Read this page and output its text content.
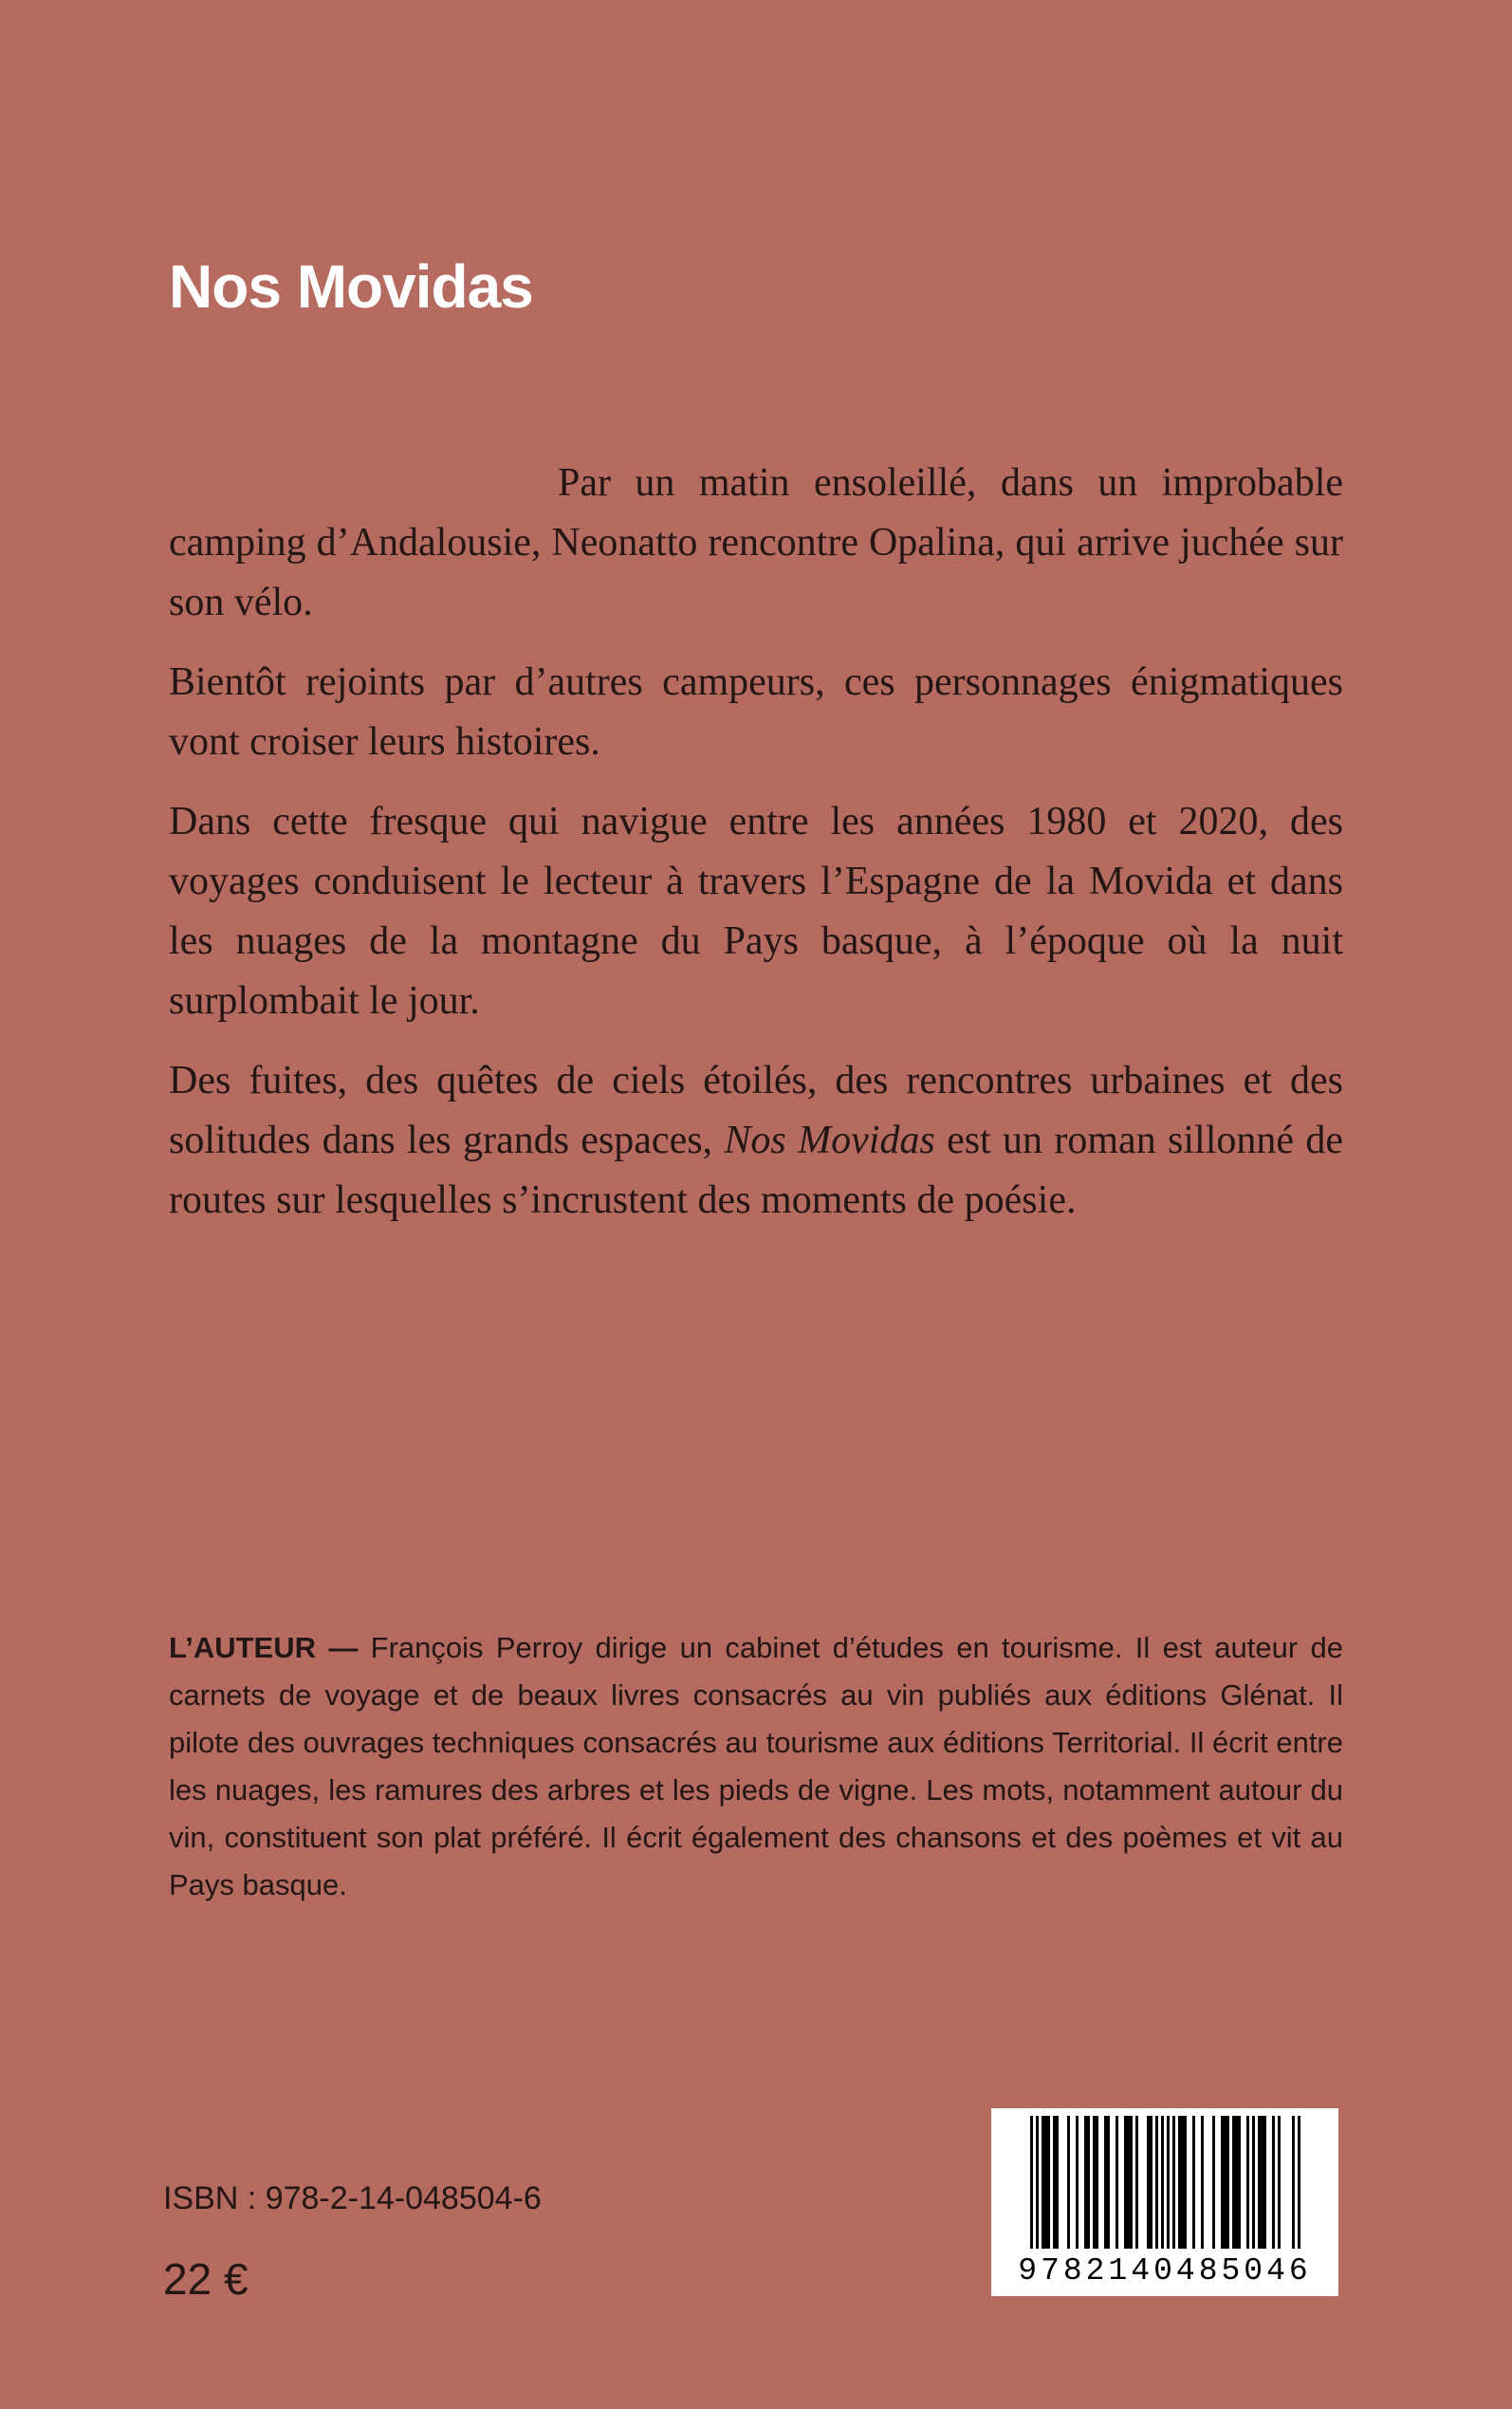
Nos Movidas

Par un matin ensoleillé, dans un improbable camping d’Andalousie, Neonatto rencontre Opalina, qui arrive juchée sur son vélo.

Bientôt rejoints par d’autres campeurs, ces personnages énigmatiques vont croiser leurs histoires.

Dans cette fresque qui navigue entre les années 1980 et 2020, des voyages conduisent le lecteur à travers l’Espagne de la Movida et dans les nuages de la montagne du Pays basque, à l’époque où la nuit surplombait le jour.

Des fuites, des quêtes de ciels étoilés, des rencontres urbaines et des solitudes dans les grands espaces, Nos Movidas est un roman sillonné de routes sur lesquelles s’incrustent des moments de poésie.

L’AUTEUR — François Perroy dirige un cabinet d’études en tourisme. Il est auteur de carnets de voyage et de beaux livres consacrés au vin publiés aux éditions Glénat. Il pilote des ouvrages techniques consacrés au tourisme aux éditions Territorial. Il écrit entre les nuages, les ramures des arbres et les pieds de vigne. Les mots, notamment autour du vin, constituent son plat préféré. Il écrit également des chansons et des poèmes et vit au Pays basque.

ISBN : 978-2-14-048504-6

22 €	9782140485046
